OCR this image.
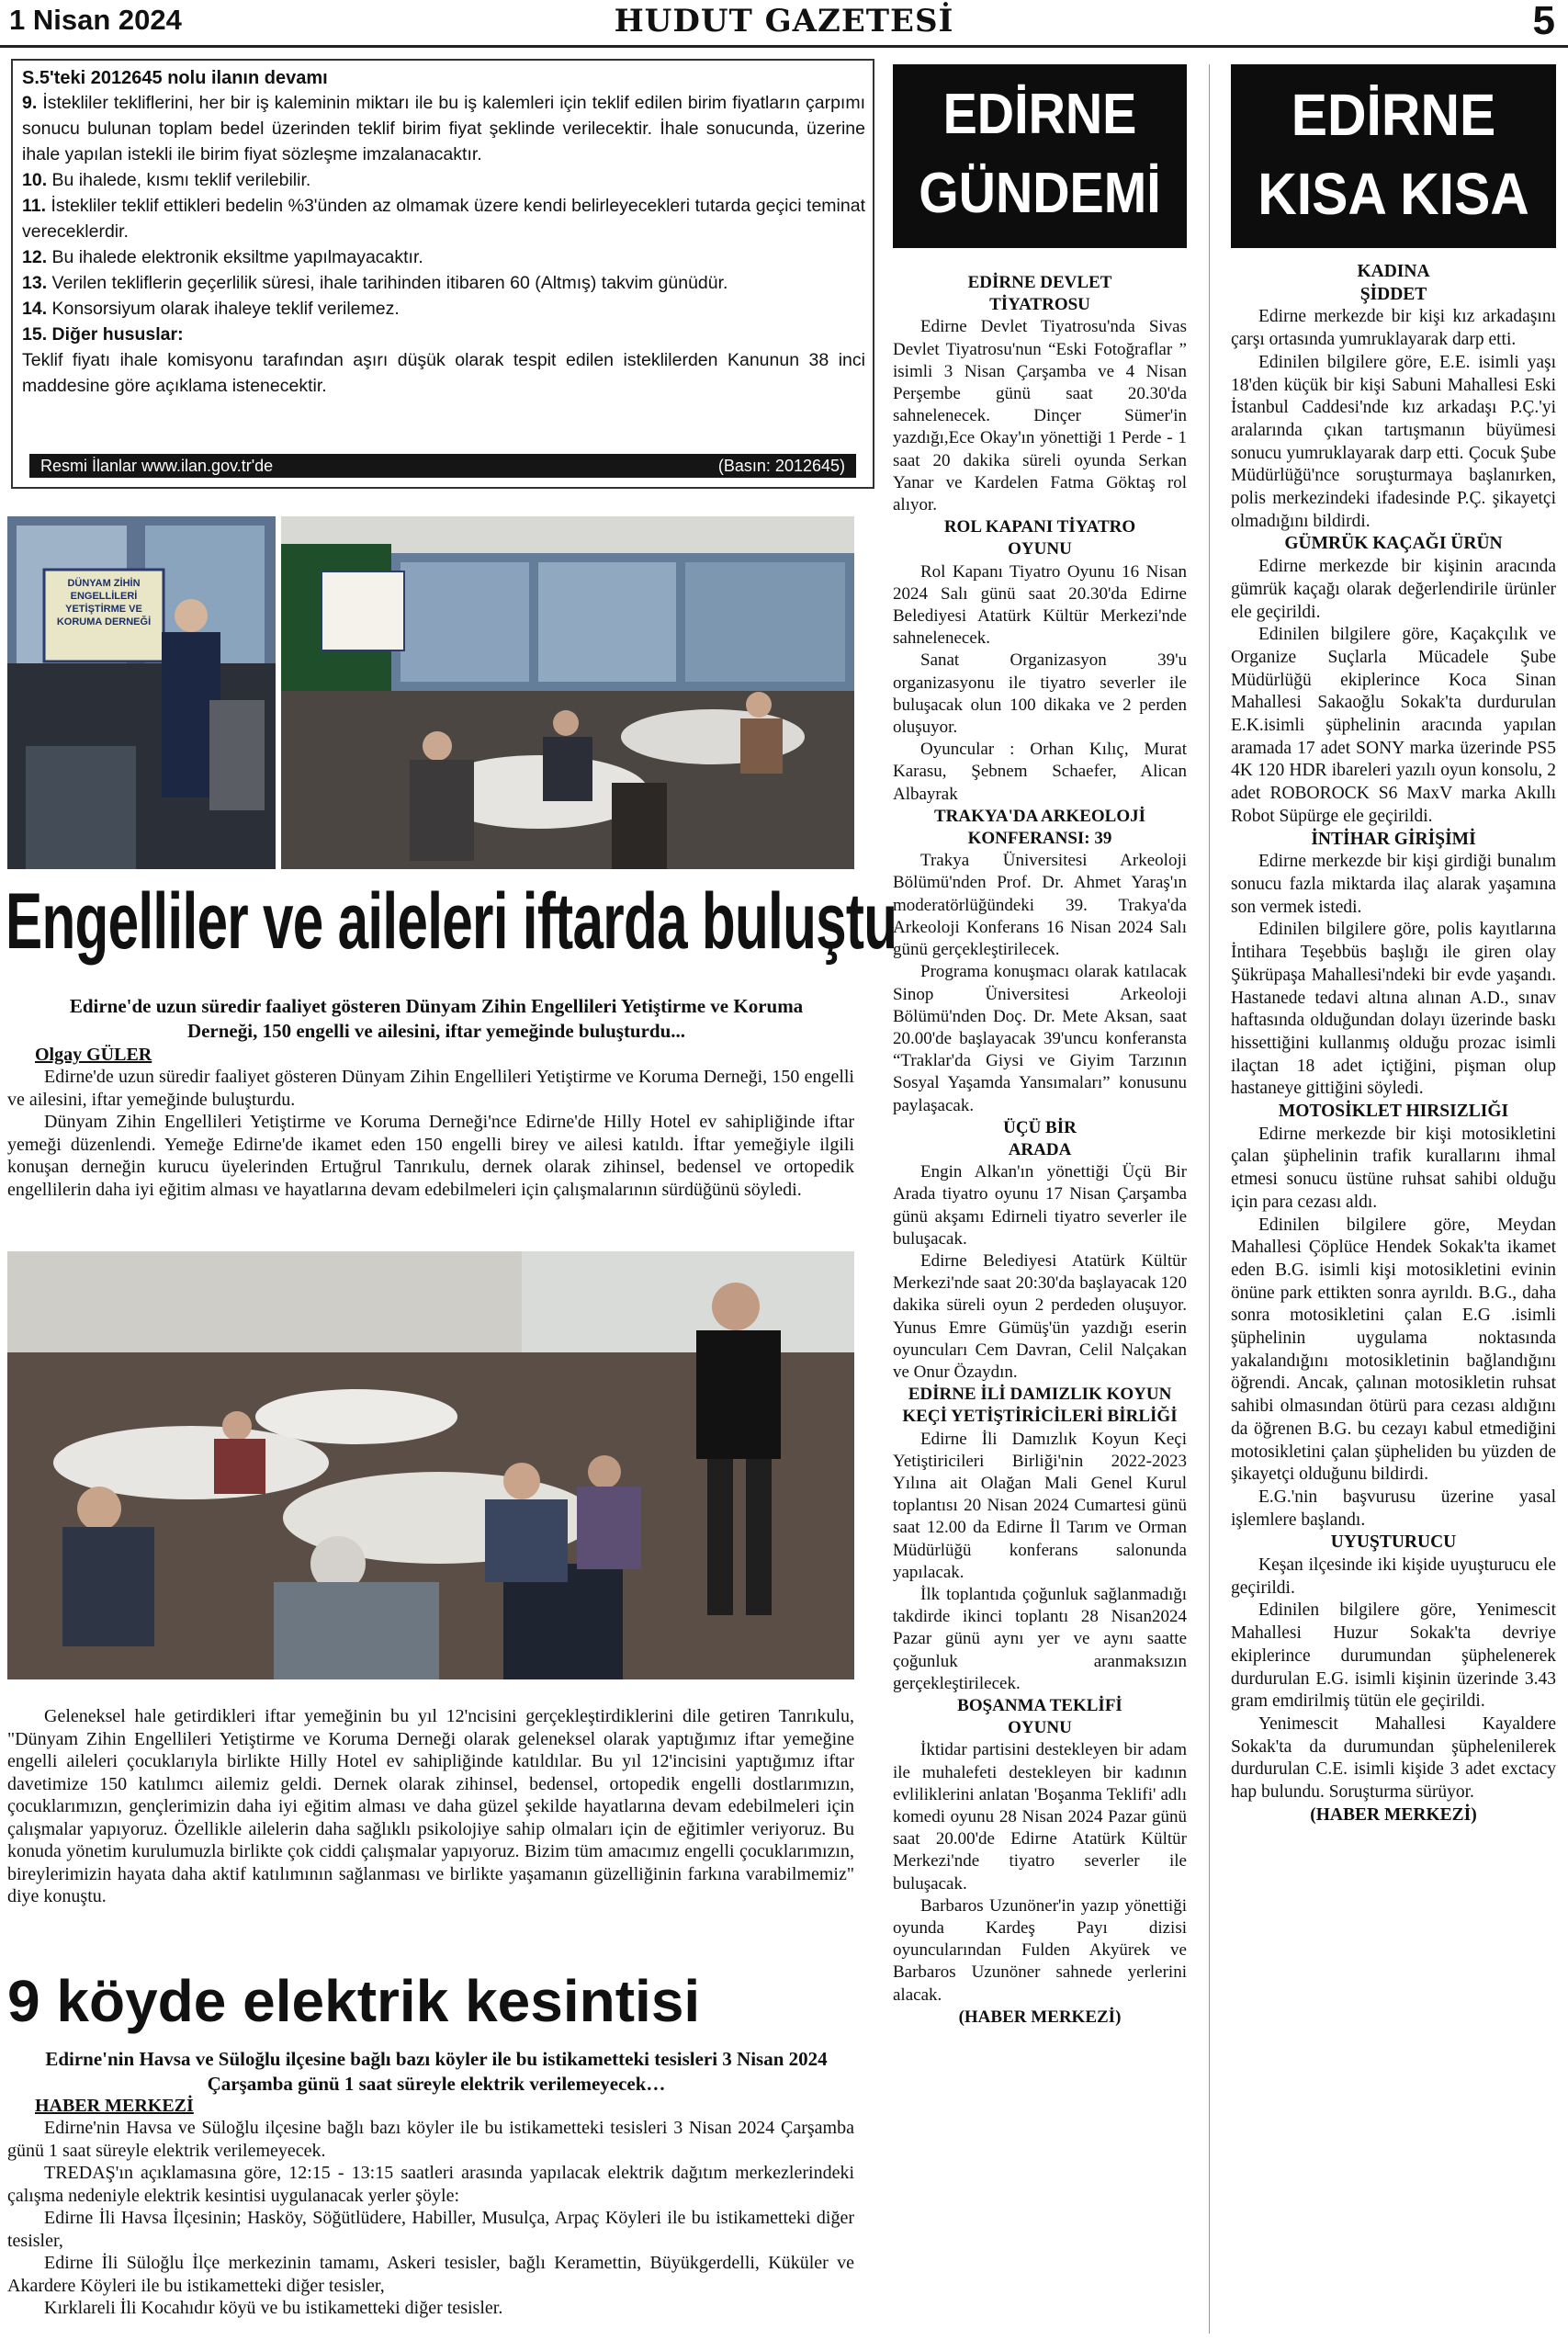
1 Nisan 2024	HUDUT GAZETESİ	5
S.5'teki 2012645 nolu ilanın devamı

9. İstekliler tekliflerini, her bir iş kaleminin miktarı ile bu iş kalemleri için teklif edilen birim fiyatların çarpımı sonucu bulunan toplam bedel üzerinden teklif birim fiyat şeklinde verilecektir. İhale sonucunda, üzerine ihale yapılan istekli ile birim fiyat sözleşme imzalanacaktır.

10. Bu ihalede, kısmı teklif verilebilir.

11. İstekliler teklif ettikleri bedelin %3'ünden az olmamak üzere kendi belirleyecekleri tutarda geçici teminat vereceklerdir.

12. Bu ihalede elektronik eksiltme yapılmayacaktır.

13. Verilen tekliflerin geçerlilik süresi, ihale tarihinden itibaren 60 (Altmış) takvim günüdür.

14. Konsorsiyum olarak ihaleye teklif verilemez.

15. Diğer hususlar:

Teklif fiyatı ihale komisyonu tarafından aşırı düşük olarak tespit edilen isteklilerden Kanunun 38 inci maddesine göre açıklama istenecektir.

Resmi İlanlar www.ilan.gov.tr'de	(Basın: 2012645)
DÜNYAM ZİHİN ENGELLİLERİ YETİŞTİRME VE KORUMA DERNEĞİ
Engelliler ve aileleri iftarda buluştu
Edirne'de uzun süredir faaliyet gösteren Dünyam Zihin Engellileri Yetiştirme ve Koruma Derneği, 150 engelli ve ailesini, iftar yemeğinde buluşturdu...
Olgay GÜLER

Edirne'de uzun süredir faaliyet gösteren Dünyam Zihin Engellileri Yetiştirme ve Koruma Derneği, 150 engelli ve ailesini, iftar yemeğinde buluşturdu.

Dünyam Zihin Engellileri Yetiştirme ve Koruma Derneği'nce Edirne'de Hilly Hotel ev sahipliğinde iftar yemeği düzenlendi. Yemeğe Edirne'de ikamet eden 150 engelli birey ve ailesi katıldı. İftar yemeğiyle ilgili konuşan derneğin kurucu üyelerinden Ertuğrul Tanrıkulu, dernek olarak zihinsel, bedensel ve ortopedik engellilerin daha iyi eğitim alması ve hayatlarına devam edebilmeleri için çalışmalarının sürdüğünü söyledi.

Geleneksel hale getirdikleri iftar yemeğinin bu yıl 12'ncisini gerçekleştirdiklerini dile getiren Tanrıkulu, "Dünyam Zihin Engellileri Yetiştirme ve Koruma Derneği olarak geleneksel olarak yaptığımız iftar yemeğine engelli aileleri çocuklarıyla birlikte Hilly Hotel ev sahipliğinde katıldılar. Bu yıl 12'incisini yaptığımız iftar davetimize 150 katılımcı ailemiz geldi. Dernek olarak zihinsel, bedensel, ortopedik engelli dostlarımızın, çocuklarımızın, gençlerimizin daha iyi eğitim alması ve daha güzel şekilde hayatlarına devam edebilmeleri için çalışmalar yapıyoruz. Özellikle ailelerin daha sağlıklı psikolojiye sahip olmaları için de eğitimler veriyoruz. Bu konuda yönetim kurulumuzla birlikte çok ciddi çalışmalar yapıyoruz. Bizim tüm amacımız engelli çocuklarımızın, bireylerimizin hayata daha aktif katılımının sağlanması ve birlikte yaşamanın güzelliğinin farkına varabilmemiz" diye konuştu.

9 köyde elektrik kesintisi
Edirne'nin Havsa ve Süloğlu ilçesine bağlı bazı köyler ile bu istikametteki tesisleri 3 Nisan 2024 Çarşamba günü 1 saat süreyle elektrik verilemeyecek…
HABER MERKEZİ

Edirne'nin Havsa ve Süloğlu ilçesine bağlı bazı köyler ile bu istikametteki tesisleri 3 Nisan 2024 Çarşamba günü 1 saat süreyle elektrik verilemeyecek.

TREDAŞ'ın açıklamasına göre, 12:15 - 13:15 saatleri arasında yapılacak elektrik dağıtım merkezlerindeki çalışma nedeniyle elektrik kesintisi uygulanacak yerler şöyle:

Edirne İli Havsa İlçesinin; Hasköy, Söğütlüdere, Habiller, Musulça, Arpaç Köyleri ile bu istikametteki diğer tesisler,

Edirne İli Süloğlu İlçe merkezinin tamamı, Askeri tesisler, bağlı Keramettin, Büyükgerdelli, Küküler ve Akardere Köyleri ile bu istikametteki diğer tesisler,

Kırklareli İli Kocahıdır köyü ve bu istikametteki diğer tesisler.

EDİRNE
GÜNDEMİ
EDİRNE DEVLET TİYATROSU

Edirne Devlet Tiyatrosu'nda Sivas Devlet Tiyatrosu'nun “Eski Fotoğraflar ” isimli 3 Nisan Çarşamba ve 4 Nisan Perşembe günü saat 20.30'da sahnelenecek. Dinçer Sümer'in yazdığı,Ece Okay'ın yönettiği 1 Perde - 1 saat 20 dakika süreli oyunda Serkan Yanar ve Kardelen Fatma Göktaş rol alıyor.

ROL KAPANI TİYATRO OYUNU

Rol Kapanı Tiyatro Oyunu 16 Nisan 2024 Salı günü saat 20.30'da Edirne Belediyesi Atatürk Kültür Merkezi'nde sahnelenecek.

Sanat Organizasyon 39'u organizasyonu ile tiyatro severler ile buluşacak olun 100 dikaka ve 2 perden oluşuyor.

Oyuncular : Orhan Kılıç, Murat Karasu, Şebnem Schaefer, Alican Albayrak

TRAKYA'DA ARKEOLOJİ KONFERANSI: 39

Trakya Üniversitesi Arkeoloji Bölümü'nden Prof. Dr. Ahmet Yaraş'ın moderatörlüğündeki 39. Trakya'da Arkeoloji Konferans 16 Nisan 2024 Salı günü gerçekleştirilecek.

Programa konuşmacı olarak katılacak Sinop Üniversitesi Arkeoloji Bölümü'nden Doç. Dr. Mete Aksan, saat 20.00'de başlayacak 39'uncu konferansta “Traklar'da Giysi ve Giyim Tarzının Sosyal Yaşamda Yansımaları” konusunu paylaşacak.

ÜÇÜ BİR ARADA

Engin Alkan'ın yönettiği Üçü Bir Arada tiyatro oyunu 17 Nisan Çarşamba günü akşamı Edirneli tiyatro severler ile buluşacak.

Edirne Belediyesi Atatürk Kültür Merkezi'nde saat 20:30'da başlayacak 120 dakika süreli oyun 2 perdeden oluşuyor. Yunus Emre Gümüş'ün yazdığı eserin oyuncuları Cem Davran, Celil Nalçakan ve Onur Özaydın.

EDİRNE İLİ DAMIZLIK KOYUN KEÇİ YETİŞTİRİCİLERİ BİRLİĞİ

Edirne İli Damızlık Koyun Keçi Yetiştiricileri Birliği'nin 2022-2023 Yılına ait Olağan Mali Genel Kurul toplantısı 20 Nisan 2024 Cumartesi günü saat 12.00 da Edirne İl Tarım ve Orman Müdürlüğü konferans salonunda yapılacak.

İlk toplantıda çoğunluk sağlanmadığı takdirde ikinci toplantı 28 Nisan2024 Pazar günü aynı yer ve aynı saatte çoğunluk aranmaksızın gerçekleştirilecek.

BOŞANMA TEKLİFİ OYUNU

İktidar partisini destekleyen bir adam ile muhalefeti destekleyen bir kadının evliliklerini anlatan 'Boşanma Teklifi' adlı komedi oyunu 28 Nisan 2024 Pazar günü saat 20.00'de Edirne Atatürk Kültür Merkezi'nde tiyatro severler ile buluşacak.

Barbaros Uzunöner'in yazıp yönettiği oyunda Kardeş Payı dizisi oyuncularından Fulden Akyürek ve Barbaros Uzunöner sahnede yerlerini alacak.

(HABER MERKEZİ)
EDİRNE
KISA KISA
KADINA ŞİDDET

Edirne merkezde bir kişi kız arkadaşını çarşı ortasında yumruklayarak darp etti.

Edinilen bilgilere göre, E.E. isimli yaşı 18'den küçük bir kişi Sabuni Mahallesi Eski İstanbul Caddesi'nde kız arkadaşı P.Ç.'yi aralarında çıkan tartışmanın büyümesi sonucu yumruklayarak darp etti. Çocuk Şube Müdürlüğü'nce soruşturmaya başlanırken, polis merkezindeki ifadesinde P.Ç. şikayetçi olmadığını bildirdi.

GÜMRÜK KAÇAĞI ÜRÜN

Edirne merkezde bir kişinin aracında gümrük kaçağı olarak değerlendirile ürünler ele geçirildi.

Edinilen bilgilere göre, Kaçakçılık ve Organize Suçlarla Mücadele Şube Müdürlüğü ekiplerince Koca Sinan Mahallesi Sakaoğlu Sokak'ta durdurulan E.K.isimli şüphelinin aracında yapılan aramada 17 adet SONY marka üzerinde PS5 4K 120 HDR ibareleri yazılı oyun konsolu, 2 adet ROBOROCK S6 MaxV marka Akıllı Robot Süpürge ele geçirildi.

İNTİHAR GİRİŞİMİ

Edirne merkezde bir kişi girdiği bunalım sonucu fazla miktarda ilaç alarak yaşamına son vermek istedi.

Edinilen bilgilere göre, polis kayıtlarına İntihara Teşebbüs başlığı ile giren olay Şükrüpaşa Mahallesi'ndeki bir evde yaşandı. Hastanede tedavi altına alınan A.D., sınav haftasında olduğundan dolayı üzerinde baskı hissettiğini kullanmış olduğu prozac isimli ilaçtan 18 adet içtiğini, pişman olup hastaneye gittiğini söyledi.

MOTOSİKLET HIRSIZLIĞI

Edirne merkezde bir kişi motosikletini çalan şüphelinin trafik kurallarını ihmal etmesi sonucu üstüne ruhsat sahibi olduğu için para cezası aldı.

Edinilen bilgilere göre, Meydan Mahallesi Çöplüce Hendek Sokak'ta ikamet eden B.G. isimli kişi motosikletini evinin önüne park ettikten sonra ayrıldı. B.G., daha sonra motosikletini çalan E.G .isimli şüphelinin uygulama noktasında yakalandığını motosikletinin bağlandığını öğrendi. Ancak, çalınan motosikletin ruhsat sahibi olmasından ötürü para cezası aldığını da öğrenen B.G. bu cezayı kabul etmediğini motosikletini çalan şüpheliden bu yüzden de şikayetçi olduğunu bildirdi.

E.G.'nin başvurusu üzerine yasal işlemlere başlandı.

UYUŞTURUCU

Keşan ilçesinde iki kişide uyuşturucu ele geçirildi.

Edinilen bilgilere göre, Yenimescit Mahallesi Huzur Sokak'ta devriye ekiplerince durumundan şüphelenerek durdurulan E.G. isimli kişinin üzerinde 3.43 gram emdirilmiş tütün ele geçirildi.

Yenimescit Mahallesi Kayaldere Sokak'ta da durumundan şüphelenilerek durdurulan C.E. isimli kişide 3 adet exctacy hap bulundu. Soruşturma sürüyor.

(HABER MERKEZİ)
